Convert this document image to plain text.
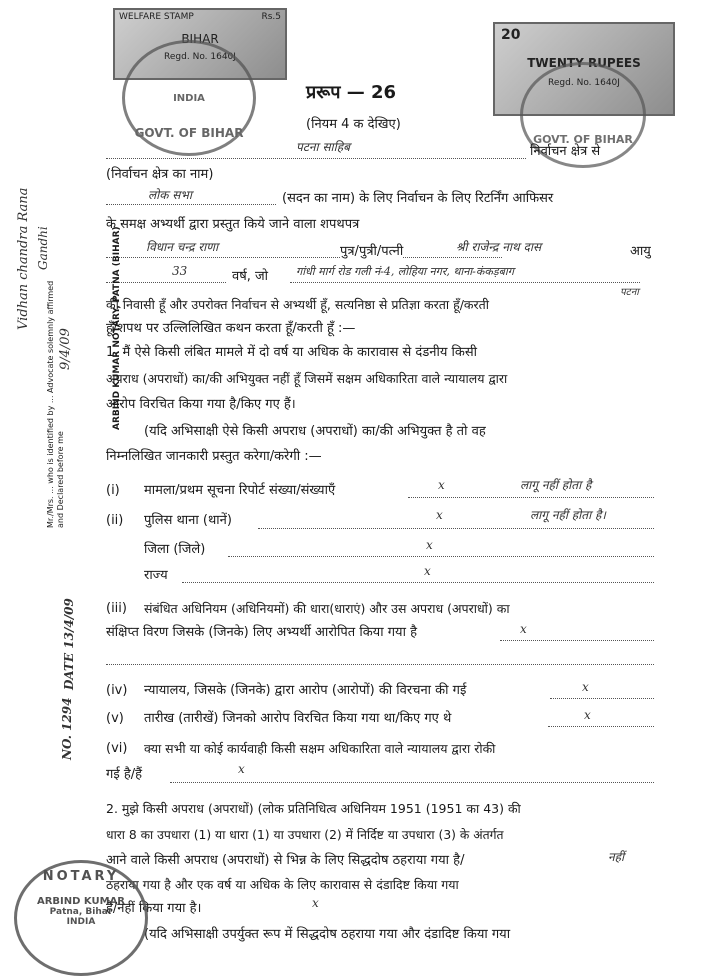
WELFARE STAMP	Rs.5
BIHAR
Regd. No. 1640J
INDIA
GOVT. OF BIHAR
20
TWENTY RUPEES
Regd. No. 1640J
GOVT. OF BIHAR
प्ररूप — 26
(नियम 4 क देखिए)
पटना साहिब	निर्वाचन क्षेत्र से
(निर्वाचन क्षेत्र का नाम)
लोक सभा	(सदन का नाम) के लिए निर्वाचन के लिए रिटर्निंग आफिसर
के समक्ष अभ्यर्थी द्वारा प्रस्तुत किये जाने वाला शपथपत्र
विधान चन्द्र राणा	पुत्र/पुत्री/पत्नी	श्री राजेन्द्र नाथ दास	आयु
33	वर्ष, जो	गांधी मार्ग रोड गली नं-4, लोहिया नगर, थाना-कंकड़बाग
पटना
की निवासी हूँ और उपरोक्त निर्वाचन से अभ्यर्थी हूँ, सत्यनिष्ठा से प्रतिज्ञा करता हूँ/करती
हूँ/शपथ पर उल्लिलिखित कथन करता हूँ/करती हूँ :—
1. मैं ऐसे किसी लंबित मामले में दो वर्ष या अधिक के कारावास से दंडनीय किसी
अपराध (अपराधों) का/की अभियुक्त नहीं हूँ जिसमें सक्षम अधिकारिता वाले न्यायालय द्वारा
आरोप विरचित किया गया है/किए गए हैं।
(यदि अभिसाक्षी ऐसे किसी अपराध (अपराधों) का/की अभियुक्त है तो वह
निम्नलिखित जानकारी प्रस्तुत करेगा/करेगी :—
(i) मामला/प्रथम सूचना रिपोर्ट संख्या/संख्याएँ	x	लागू नहीं होता है
(ii) पुलिस थाना (थानें)	x	लागू नहीं होता है।
जिला (जिले)	x
राज्य	x
(iii) संबंधित अधिनियम (अधिनियमों) की धारा(धाराएं) और उस अपराध (अपराधों) का
संक्षिप्त विरण जिसके (जिनके) लिए अभ्यर्थी आरोपित किया गया है	x
(iv) न्यायालय, जिसके (जिनके) द्वारा आरोप (आरोपों) की विरचना की गई	x
(v) तारीख (तारीखें) जिनको आरोप विरचित किया गया था/किए गए थे	x
(vi) क्या सभी या कोई कार्यवाही किसी सक्षम अधिकारिता वाले न्यायालय द्वारा रोकी
गई है/हैं	x
2. मुझे किसी अपराध (अपराधों) (लोक प्रतिनिधित्व अधिनियम 1951 (1951 का 43) की
धारा 8 का उपधारा (1) या धारा (1) या उपधारा (2) में निर्दिष्ट या उपधारा (3) के अंतर्गत
आने वाले किसी अपराध (अपराधों) से भिन्न के लिए सिद्धदोष ठहराया गया है/	नहीं
ठहराया गया है और एक वर्ष या अधिक के लिए कारावास से दंडादिष्ट किया गया
है/नहीं किया गया है।	x
(यदि अभिसाक्षी उपर्युक्त रूप में सिद्धदोष ठहराया गया और दंडादिष्ट किया गया
NOTARY
ARBIND KUMAR
Patna, Bihar
INDIA
Vidhan chandra Rana Gandhi
9/4/09
Mr./Mrs. ... who is identified by ... Advocate solemnly affirmed and Declared before me
ARBIND KUMAR NOTARY, PATNA (BIHAR)
NO. 1294
DATE 13/4/09
